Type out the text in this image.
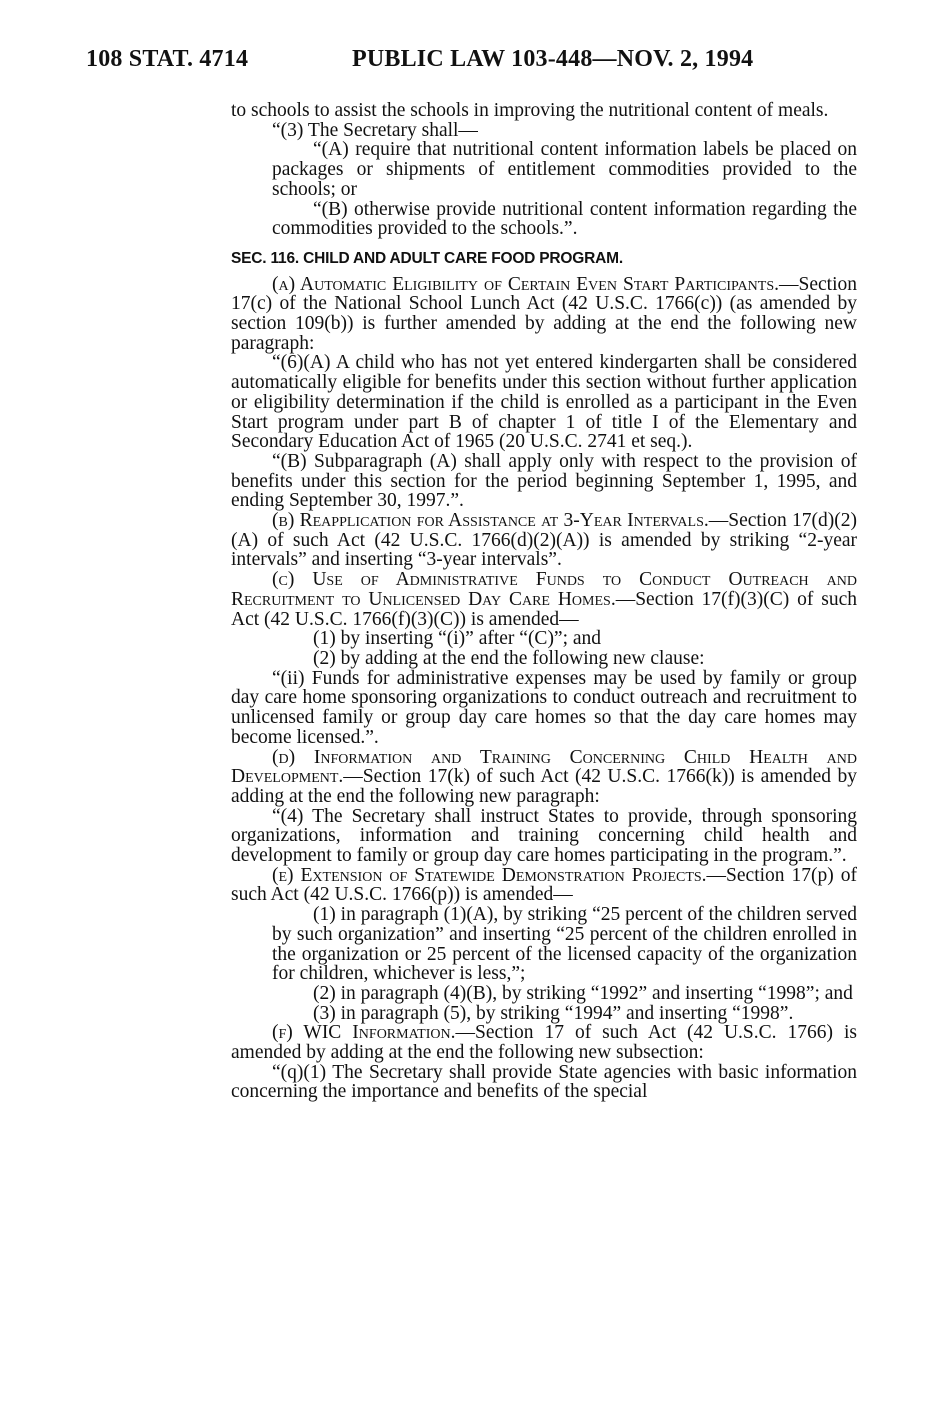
108 STAT. 4714	PUBLIC LAW 103-448—NOV. 2, 1994

to schools to assist the schools in improving the nutritional content of meals.

“(3) The Secretary shall—

“(A) require that nutritional content information labels be placed on packages or shipments of entitlement commodities provided to the schools; or

“(B) otherwise provide nutritional content information regarding the commodities provided to the schools.”.

SEC. 116. CHILD AND ADULT CARE FOOD PROGRAM.

(a) Automatic Eligibility of Certain Even Start Participants.—Section 17(c) of the National School Lunch Act (42 U.S.C. 1766(c)) (as amended by section 109(b)) is further amended by adding at the end the following new paragraph:

“(6)(A) A child who has not yet entered kindergarten shall be considered automatically eligible for benefits under this section without further application or eligibility determination if the child is enrolled as a participant in the Even Start program under part B of chapter 1 of title I of the Elementary and Secondary Education Act of 1965 (20 U.S.C. 2741 et seq.).

“(B) Subparagraph (A) shall apply only with respect to the provision of benefits under this section for the period beginning September 1, 1995, and ending September 30, 1997.”.

(b) Reapplication for Assistance at 3-Year Intervals.—Section 17(d)(2)(A) of such Act (42 U.S.C. 1766(d)(2)(A)) is amended by striking “2-year intervals” and inserting “3-year intervals”.

(c) Use of Administrative Funds to Conduct Outreach and Recruitment to Unlicensed Day Care Homes.—Section 17(f)(3)(C) of such Act (42 U.S.C. 1766(f)(3)(C)) is amended—

(1) by inserting “(i)” after “(C)”; and

(2) by adding at the end the following new clause:

“(ii) Funds for administrative expenses may be used by family or group day care home sponsoring organizations to conduct outreach and recruitment to unlicensed family or group day care homes so that the day care homes may become licensed.”.

(d) Information and Training Concerning Child Health and Development.—Section 17(k) of such Act (42 U.S.C. 1766(k)) is amended by adding at the end the following new paragraph:

“(4) The Secretary shall instruct States to provide, through sponsoring organizations, information and training concerning child health and development to family or group day care homes participating in the program.”.

(e) Extension of Statewide Demonstration Projects.—Section 17(p) of such Act (42 U.S.C. 1766(p)) is amended—

(1) in paragraph (1)(A), by striking “25 percent of the children served by such organization” and inserting “25 percent of the children enrolled in the organization or 25 percent of the licensed capacity of the organization for children, whichever is less,”;

(2) in paragraph (4)(B), by striking “1992” and inserting “1998”; and

(3) in paragraph (5), by striking “1994” and inserting “1998”.

(f) WIC Information.—Section 17 of such Act (42 U.S.C. 1766) is amended by adding at the end the following new subsection:

“(q)(1) The Secretary shall provide State agencies with basic information concerning the importance and benefits of the special
